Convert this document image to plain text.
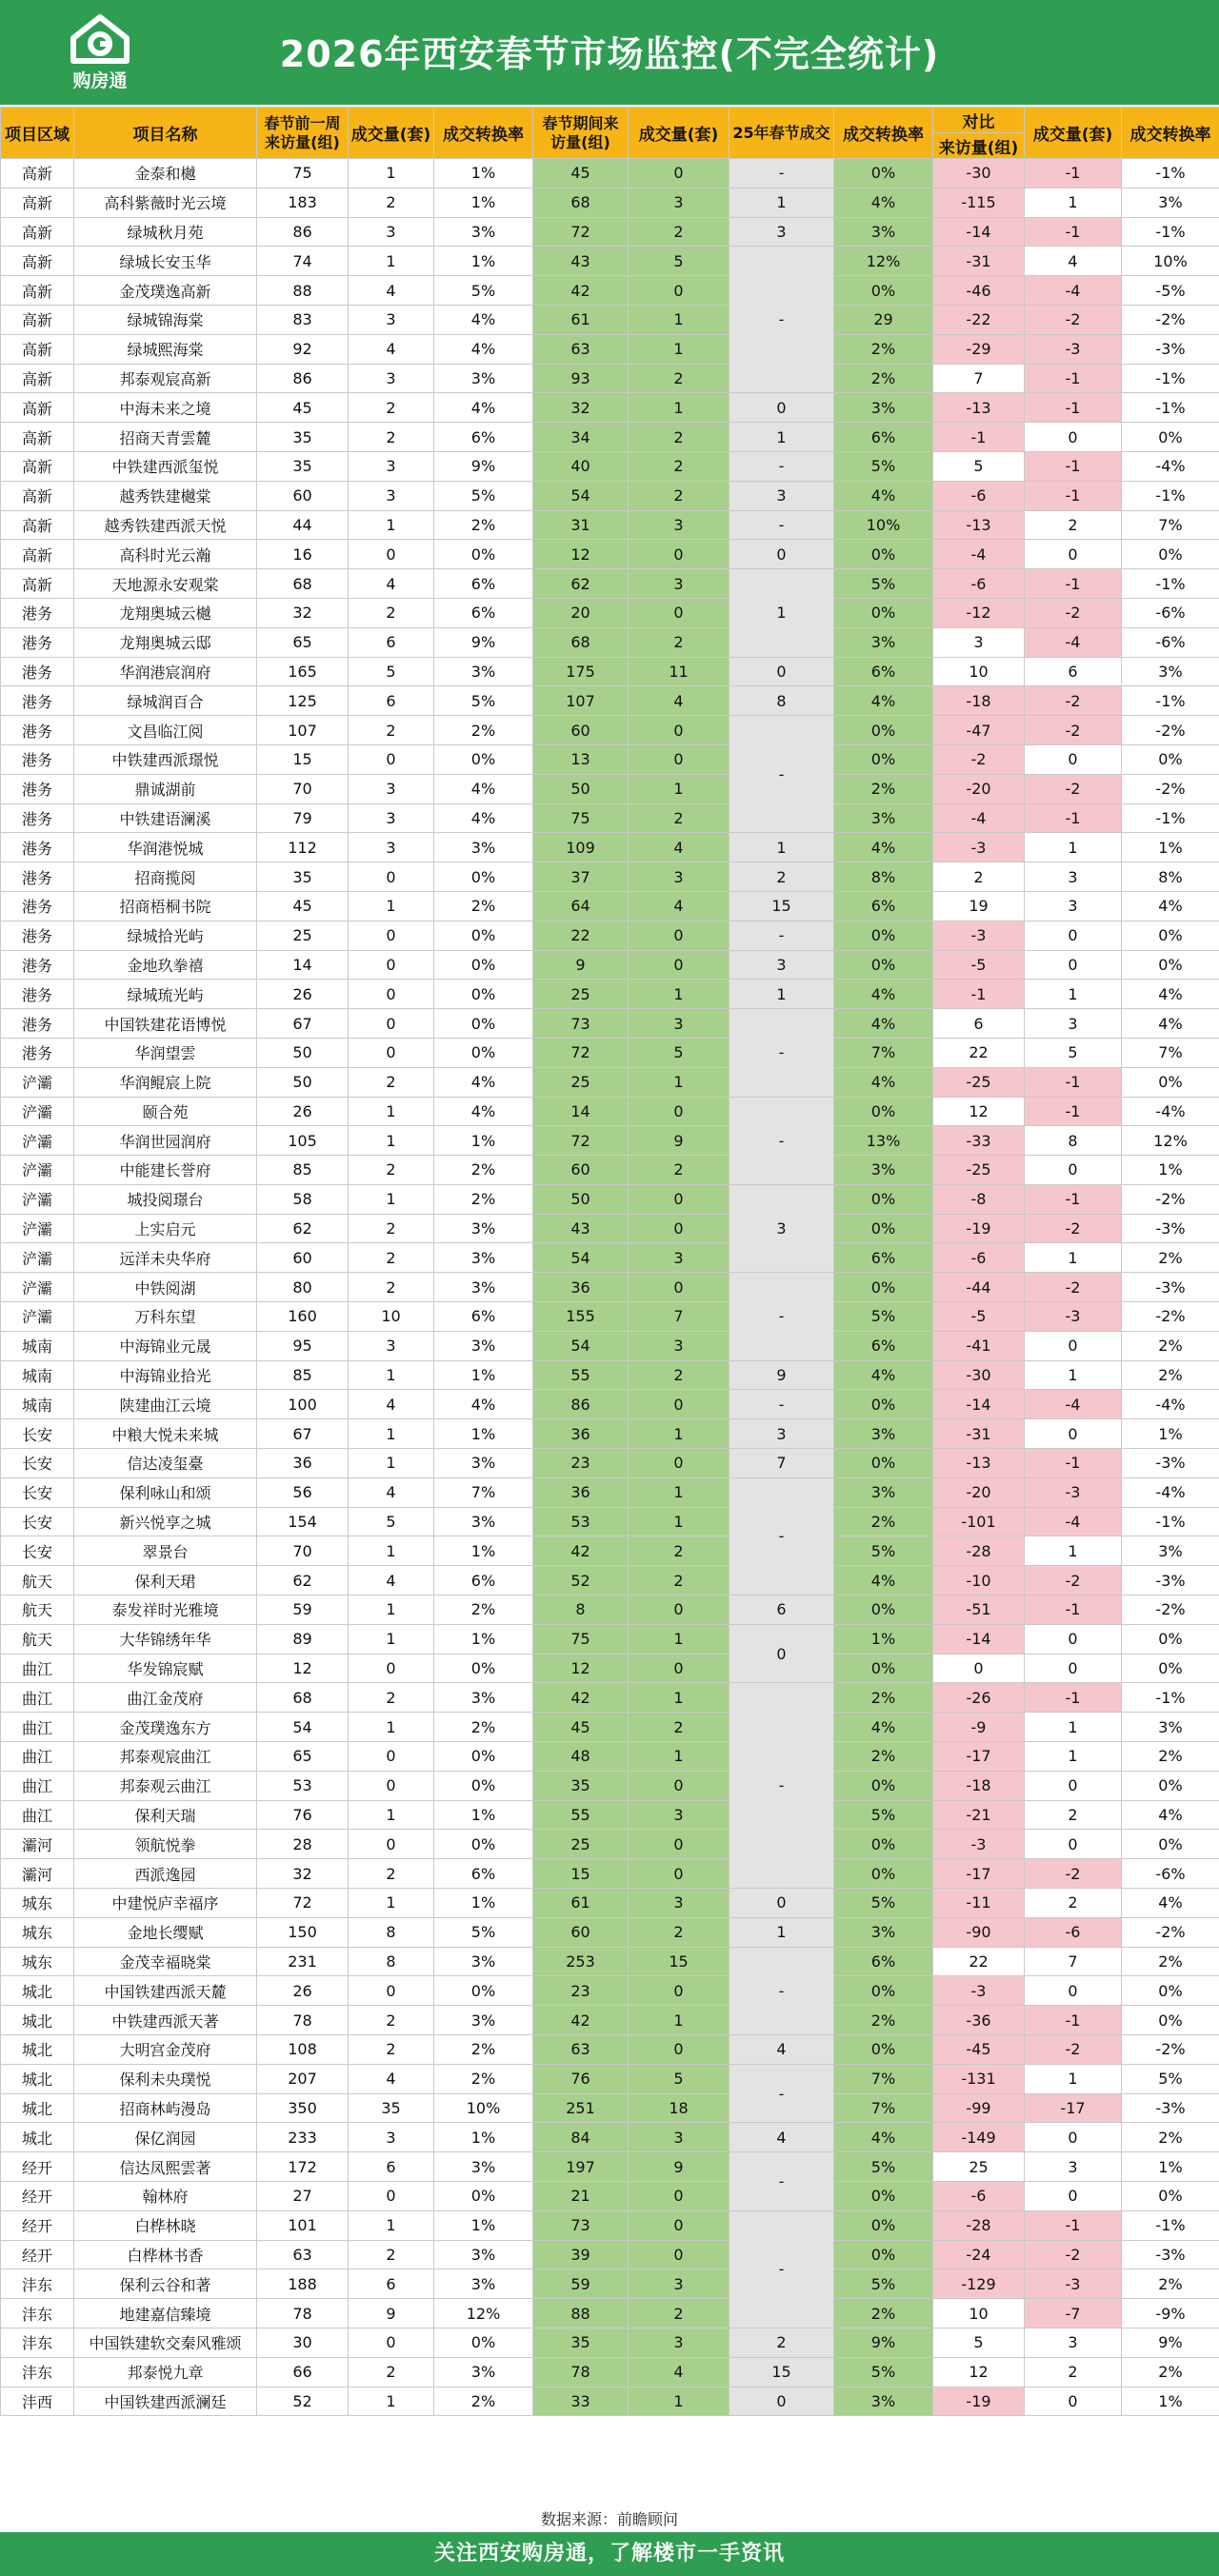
购房通
2026年西安春节市场监控(不完全统计)
项目区域	项目名称	春节前一周来访量(组)	成交量(套)	成交转换率	春节期间来访量(组)	成交量(套)	25年春节成交	成交转换率	对比	成交量(套)	成交转换率
									来访量(组)		
高新	金泰和樾	75	1	1%	45	0	-	0%	-30	-1	-1%
高新	高科紫薇时光云境	183	2	1%	68	3	1	4%	-115	1	3%
高新	绿城秋月苑	86	3	3%	72	2	3	3%	-14	-1	-1%
高新	绿城长安玉华	74	1	1%	43	5	-	12%	-31	4	10%
高新	金茂璞逸高新	88	4	5%	42	0		0%	-46	-4	-5%
高新	绿城锦海棠	83	3	4%	61	1		29	-22	-2	-2%
高新	绿城熙海棠	92	4	4%	63	1		2%	-29	-3	-3%
高新	邦泰观宸高新	86	3	3%	93	2		2%	7	-1	-1%
高新	中海未来之境	45	2	4%	32	1	0	3%	-13	-1	-1%
高新	招商天青雲麓	35	2	6%	34	2	1	6%	-1	0	0%
高新	中铁建西派玺悦	35	3	9%	40	2	-	5%	5	-1	-4%
高新	越秀铁建樾棠	60	3	5%	54	2	3	4%	-6	-1	-1%
高新	越秀铁建西派天悦	44	1	2%	31	3	-	10%	-13	2	7%
高新	高科时光云瀚	16	0	0%	12	0	0	0%	-4	0	0%
高新	天地源永安观棠	68	4	6%	62	3	1	5%	-6	-1	-1%
港务	龙翔奥城云樾	32	2	6%	20	0		0%	-12	-2	-6%
港务	龙翔奥城云邸	65	6	9%	68	2		3%	3	-4	-6%
港务	华润港宸润府	165	5	3%	175	11	0	6%	10	6	3%
港务	绿城润百合	125	6	5%	107	4	8	4%	-18	-2	-1%
港务	文昌临江阅	107	2	2%	60	0	-	0%	-47	-2	-2%
港务	中铁建西派璟悦	15	0	0%	13	0		0%	-2	0	0%
港务	鼎诚湖前	70	3	4%	50	1		2%	-20	-2	-2%
港务	中铁建语澜溪	79	3	4%	75	2		3%	-4	-1	-1%
港务	华润港悦城	112	3	3%	109	4	1	4%	-3	1	1%
港务	招商揽阅	35	0	0%	37	3	2	8%	2	3	8%
港务	招商梧桐书院	45	1	2%	64	4	15	6%	19	3	4%
港务	绿城拾光屿	25	0	0%	22	0	-	0%	-3	0	0%
港务	金地玖拳禧	14	0	0%	9	0	3	0%	-5	0	0%
港务	绿城琉光屿	26	0	0%	25	1	1	4%	-1	1	4%
港务	中国铁建花语博悦	67	0	0%	73	3	-	4%	6	3	4%
港务	华润望雲	50	0	0%	72	5		7%	22	5	7%
浐灞	华润鲲宸上院	50	2	4%	25	1		4%	-25	-1	0%
浐灞	颐合苑	26	1	4%	14	0	-	0%	12	-1	-4%
浐灞	华润世园润府	105	1	1%	72	9		13%	-33	8	12%
浐灞	中能建长誉府	85	2	2%	60	2		3%	-25	0	1%
浐灞	城投阅璟台	58	1	2%	50	0	3	0%	-8	-1	-2%
浐灞	上实启元	62	2	3%	43	0		0%	-19	-2	-3%
浐灞	远洋未央华府	60	2	3%	54	3		6%	-6	1	2%
浐灞	中铁阅湖	80	2	3%	36	0	-	0%	-44	-2	-3%
浐灞	万科东望	160	10	6%	155	7		5%	-5	-3	-2%
城南	中海锦业元晟	95	3	3%	54	3		6%	-41	0	2%
城南	中海锦业拾光	85	1	1%	55	2	9	4%	-30	1	2%
城南	陕建曲江云境	100	4	4%	86	0	-	0%	-14	-4	-4%
长安	中粮大悦未来城	67	1	1%	36	1	3	3%	-31	0	1%
长安	信达凌玺臺	36	1	3%	23	0	7	0%	-13	-1	-3%
长安	保利咏山和颂	56	4	7%	36	1	-	3%	-20	-3	-4%
长安	新兴悦享之城	154	5	3%	53	1		2%	-101	-4	-1%
长安	翠景台	70	1	1%	42	2		5%	-28	1	3%
航天	保利天珺	62	4	6%	52	2		4%	-10	-2	-3%
航天	泰发祥时光雅境	59	1	2%	8	0	6	0%	-51	-1	-2%
航天	大华锦绣年华	89	1	1%	75	1	0	1%	-14	0	0%
曲江	华发锦宸赋	12	0	0%	12	0		0%	0	0	0%
曲江	曲江金茂府	68	2	3%	42	1	-	2%	-26	-1	-1%
曲江	金茂璞逸东方	54	1	2%	45	2		4%	-9	1	3%
曲江	邦泰观宸曲江	65	0	0%	48	1		2%	-17	1	2%
曲江	邦泰观云曲江	53	0	0%	35	0		0%	-18	0	0%
曲江	保利天瑞	76	1	1%	55	3		5%	-21	2	4%
灞河	领航悦拳	28	0	0%	25	0		0%	-3	0	0%
灞河	西派逸园	32	2	6%	15	0		0%	-17	-2	-6%
城东	中建悦庐幸福序	72	1	1%	61	3	0	5%	-11	2	4%
城东	金地长缨赋	150	8	5%	60	2	1	3%	-90	-6	-2%
城东	金茂幸福晓棠	231	8	3%	253	15	-	6%	22	7	2%
城北	中国铁建西派天麓	26	0	0%	23	0		0%	-3	0	0%
城北	中铁建西派天著	78	2	3%	42	1		2%	-36	-1	0%
城北	大明宫金茂府	108	2	2%	63	0	4	0%	-45	-2	-2%
城北	保利未央璞悦	207	4	2%	76	5	-	7%	-131	1	5%
城北	招商林屿漫岛	350	35	10%	251	18		7%	-99	-17	-3%
城北	保亿润园	233	3	1%	84	3	4	4%	-149	0	2%
经开	信达凤熙雲著	172	6	3%	197	9	-	5%	25	3	1%
经开	翰林府	27	0	0%	21	0		0%	-6	0	0%
经开	白桦林晓	101	1	1%	73	0	-	0%	-28	-1	-1%
经开	白桦林书香	63	2	3%	39	0		0%	-24	-2	-3%
沣东	保利云谷和著	188	6	3%	59	3		5%	-129	-3	2%
沣东	地建嘉信臻境	78	9	12%	88	2		2%	10	-7	-9%
沣东	中国铁建软交秦风雅颂	30	0	0%	35	3	2	9%	5	3	9%
沣东	邦泰悦九章	66	2	3%	78	4	15	5%	12	2	2%
沣西	中国铁建西派澜廷	52	1	2%	33	1	0	3%	-19	0	1%
数据来源：前瞻顾问
关注西安购房通，了解楼市一手资讯
